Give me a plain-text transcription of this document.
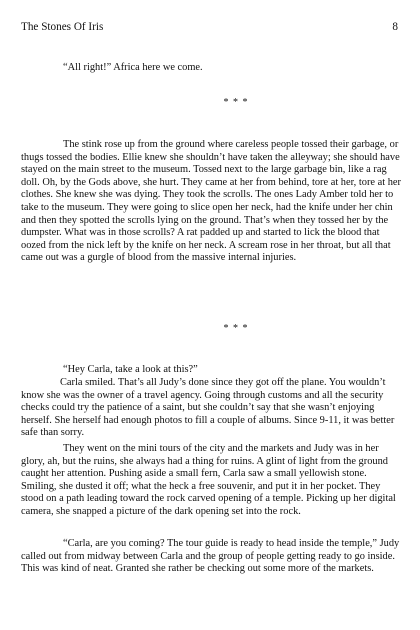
The Stones Of Iris	8

“All right!” Africa here we come.

* * *

The stink rose up from the ground where careless people tossed their garbage, or thugs tossed the bodies. Ellie knew she shouldn’t have taken the alleyway; she should have stayed on the main street to the museum. Tossed next to the large garbage bin, like a rag doll. Oh, by the Gods above, she hurt. They came at her from behind, tore at her, tore at her clothes. She knew she was dying. They took the scrolls. The ones Lady Amber told her to take to the museum. They were going to slice open her neck, had the knife under her chin and then they spotted the scrolls lying on the ground. That’s when they tossed her by the dumpster. What was in those scrolls? A rat padded up and started to lick the blood that oozed from the nick left by the knife on her neck. A scream rose in her throat, but all that came out was a gurgle of blood from the massive internal injuries.

* * *

“Hey Carla, take a look at this?”

Carla smiled. That’s all Judy’s done since they got off the plane. You wouldn’t know she was the owner of a travel agency. Going through customs and all the security checks could try the patience of a saint, but she couldn’t say that she wasn’t enjoying herself. She herself had enough photos to fill a couple of albums. Since 9-11, it was better safe than sorry.

They went on the mini tours of the city and the markets and Judy was in her glory, ah, but the ruins, she always had a thing for ruins. A glint of light from the ground caught her attention. Pushing aside a small fern, Carla saw a small yellowish stone. Smiling, she dusted it off; what the heck a free souvenir, and put it in her pocket. They stood on a path leading toward the rock carved opening of a temple. Picking up her digital camera, she snapped a picture of the dark opening set into the rock.

“Carla, are you coming? The tour guide is ready to head inside the temple,” Judy called out from midway between Carla and the group of people getting ready to go inside. This was kind of neat. Granted she rather be checking out some more of the markets.
